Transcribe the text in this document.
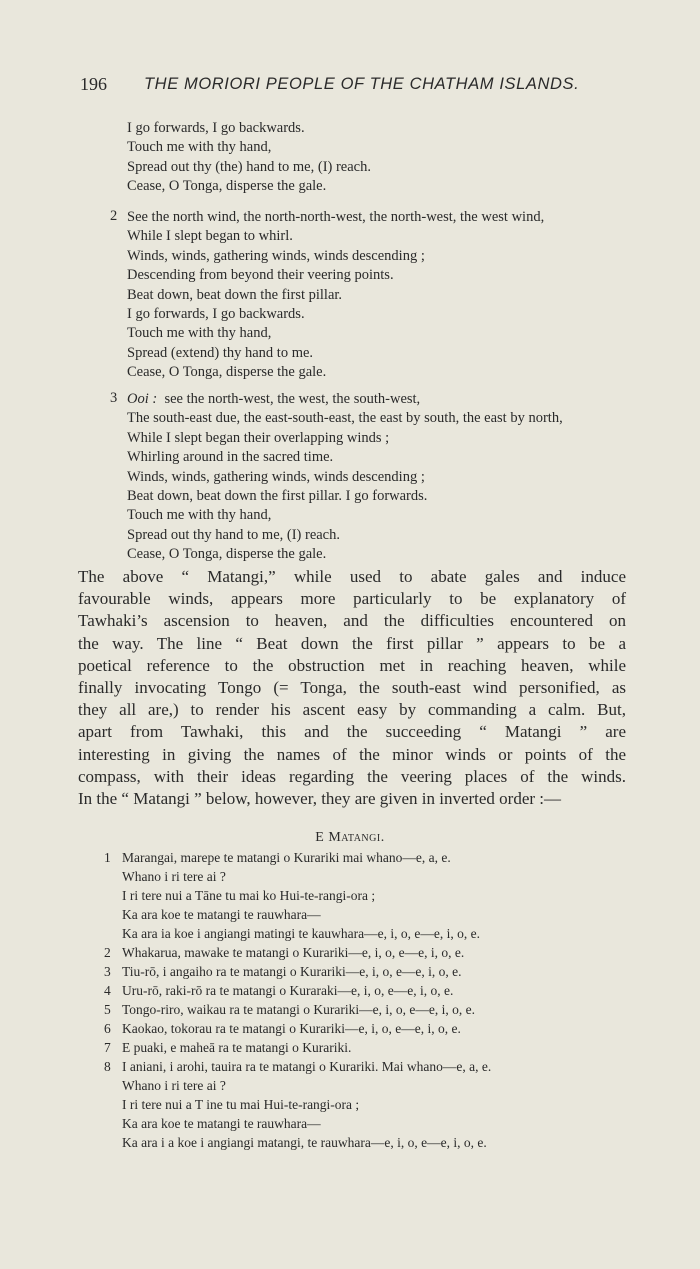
196 THE MORIORI PEOPLE OF THE CHATHAM ISLANDS.
I go forwards, I go backwards.
Touch me with thy hand,
Spread out thy (the) hand to me, (I) reach.
Cease, O Tonga, disperse the gale.
2 See the north wind, the north-north-west, the north-west, the west wind,
While I slept began to whirl.
Winds, winds, gathering winds, winds descending ;
Descending from beyond their veering points.
Beat down, beat down the first pillar.
I go forwards, I go backwards.
Touch me with thy hand,
Spread (extend) thy hand to me.
Cease, O Tonga, disperse the gale.
3 Ooi :  see the north-west, the west, the south-west,
The south-east due, the east-south-east, the east by south, the east by north,
While I slept began their overlapping winds ;
Whirling around in the sacred time.
Winds, winds, gathering winds, winds descending ;
Beat down, beat down the first pillar. I go forwards.
Touch me with thy hand,
Spread out thy hand to me, (I) reach.
Cease, O Tonga, disperse the gale.
The above “ Matangi,” while used to abate gales and induce
favourable winds, appears more particularly to be explanatory of
Tawhaki’s ascension to heaven, and the difficulties encountered on
the way. The line “ Beat down the first pillar ” appears to be a
poetical reference to the obstruction met in reaching heaven, while
finally invocating Tongo (= Tonga, the south-east wind personified, as
they all are,) to render his ascent easy by commanding a calm. But,
apart from Tawhaki, this and the succeeding “ Matangi ” are
interesting in giving the names of the minor winds or points of the
compass, with their ideas regarding the veering places of the winds.
In the “ Matangi ” below, however, they are given in inverted order :—
E Matangi.
1 Marangai, marepe te matangi o Kurariki mai whano—e, a, e.
Whano i ri tere ai ?
I ri tere nui a Tāne tu mai ko Hui-te-rangi-ora ;
Ka ara koe te matangi te rauwhara—
Ka ara ia koe i angiangi matingi te kauwhara—e, i, o, e—e, i, o, e.
2 Whakarua, mawake te matangi o Kurariki—e, i, o, e—e, i, o, e.
3 Tiu-rō, i angaiho ra te matangi o Kurariki—e, i, o, e—e, i, o, e.
4 Uru-rō, raki-rō ra te matangi o Kuraraki—e, i, o, e—e, i, o, e.
5 Tongo-riro, waikau ra te matangi o Kurariki—e, i, o, e—e, i, o, e.
6 Kaokao, tokorau ra te matangi o Kurariki—e, i, o, e—e, i, o, e.
7 E puaki, e maheā ra te matangi o Kurariki.
8 I aniani, i arohi, tauira ra te matangi o Kurariki. Mai whano—e, a, e.
Whano i ri tere ai ?
I ri tere nui a T ine tu mai Hui-te-rangi-ora ;
Ka ara koe te matangi te rauwhara—
Ka ara i a koe i angiangi matangi, te rauwhara—e, i, o, e—e, i, o, e.
